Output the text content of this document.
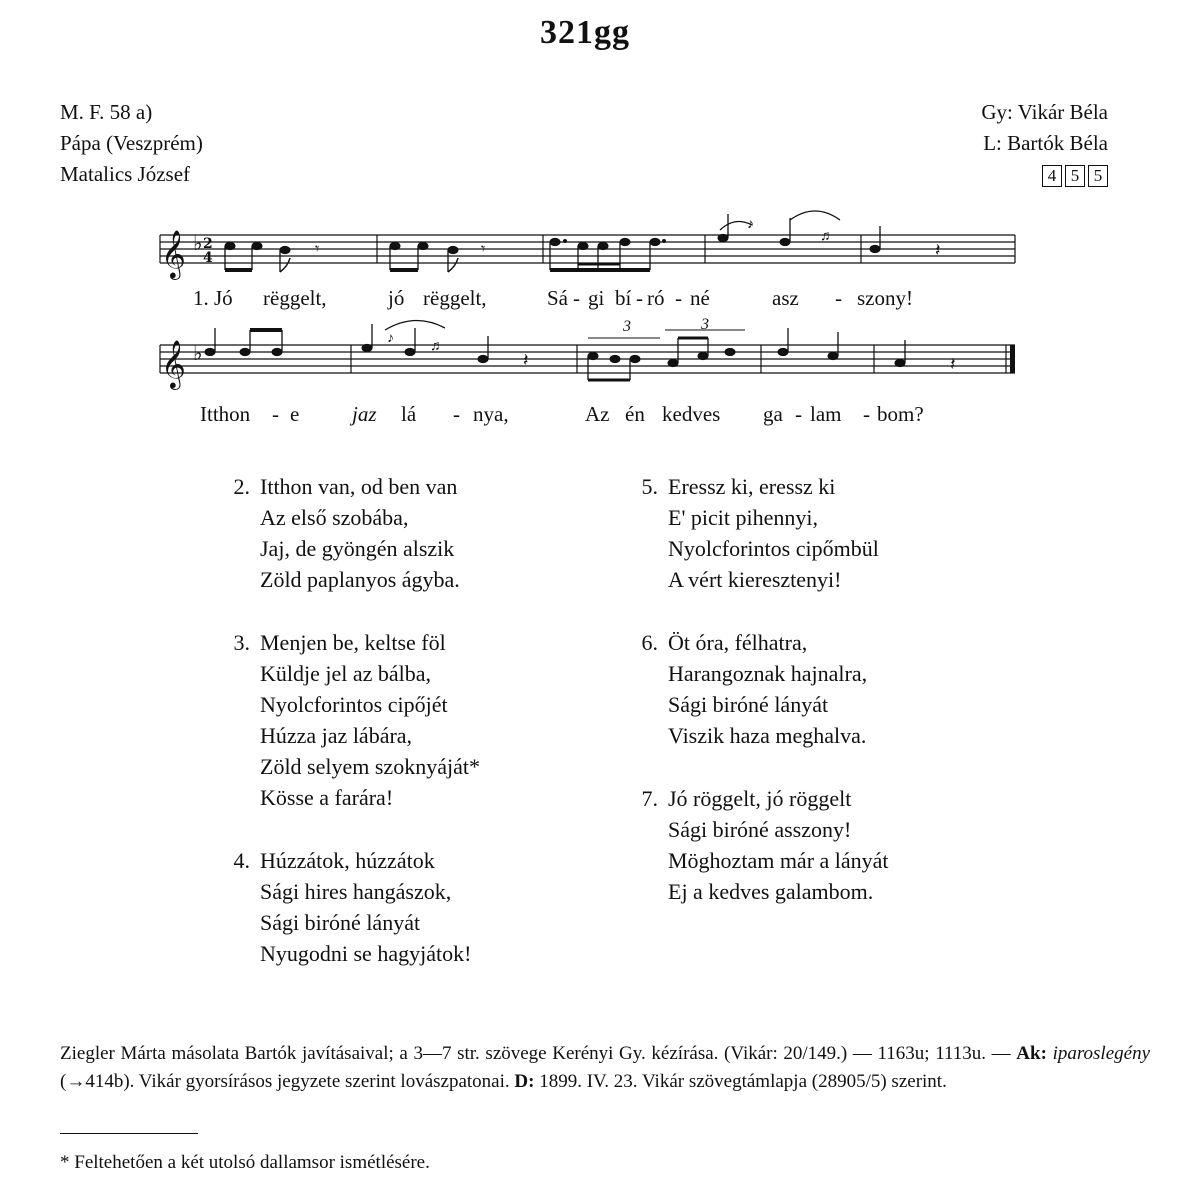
321gg
M. F. 58 a)
Pápa (Veszprém)
Matalics József
Gy: Vikár Béla
L: Bartók Béla
4 5 5
𝄞
𝄞
♭
♭
2
4	𝄾	𝄾
♪
♬
𝄽
♪
♬
𝄽	𝄽
1. Jó rëggelt,	jó rëggelt,	Sá - gi bí - ró - né	asz - szony!
Itthon - e	jaz lá - nya,	Az én kedves ga - lam - bom?
3	3
2. Itthon van, od ben van
Az első szobába,
Jaj, de gyöngén alszik
Zöld paplanyos ágyba.
3. Menjen be, keltse föl
Küldje jel az bálba,
Nyolcforintos cipőjét
Húzza jaz lábára,
Zöld selyem szoknyáját*
Kösse a farára!
4. Húzzátok, húzzátok
Sági hires hangászok,
Sági biróné lányát
Nyugodni se hagyjátok!
5. Eressz ki, eressz ki
E' picit pihennyi,
Nyolcforintos cipőmbül
A vért kieresztenyi!
6. Öt óra, félhatra,
Harangoznak hajnalra,
Sági biróné lányát
Viszik haza meghalva.
7. Jó röggelt, jó röggelt
Sági biróné asszony!
Möghoztam már a lányát
Ej a kedves galambom.
Ziegler Márta másolata Bartók javításaival; a 3—7 str. szövege Kerényi Gy. kézírása. (Vikár: 20/149.) — 1163u; 1113u. — Ak: iparoslegény (→414b). Vikár gyorsírásos jegyzete szerint lovászpatonai. D: 1899. IV. 23. Vikár szövegtámlapja (28905/5) szerint.
* Feltehetően a két utolsó dallamsor ismétlésére.
